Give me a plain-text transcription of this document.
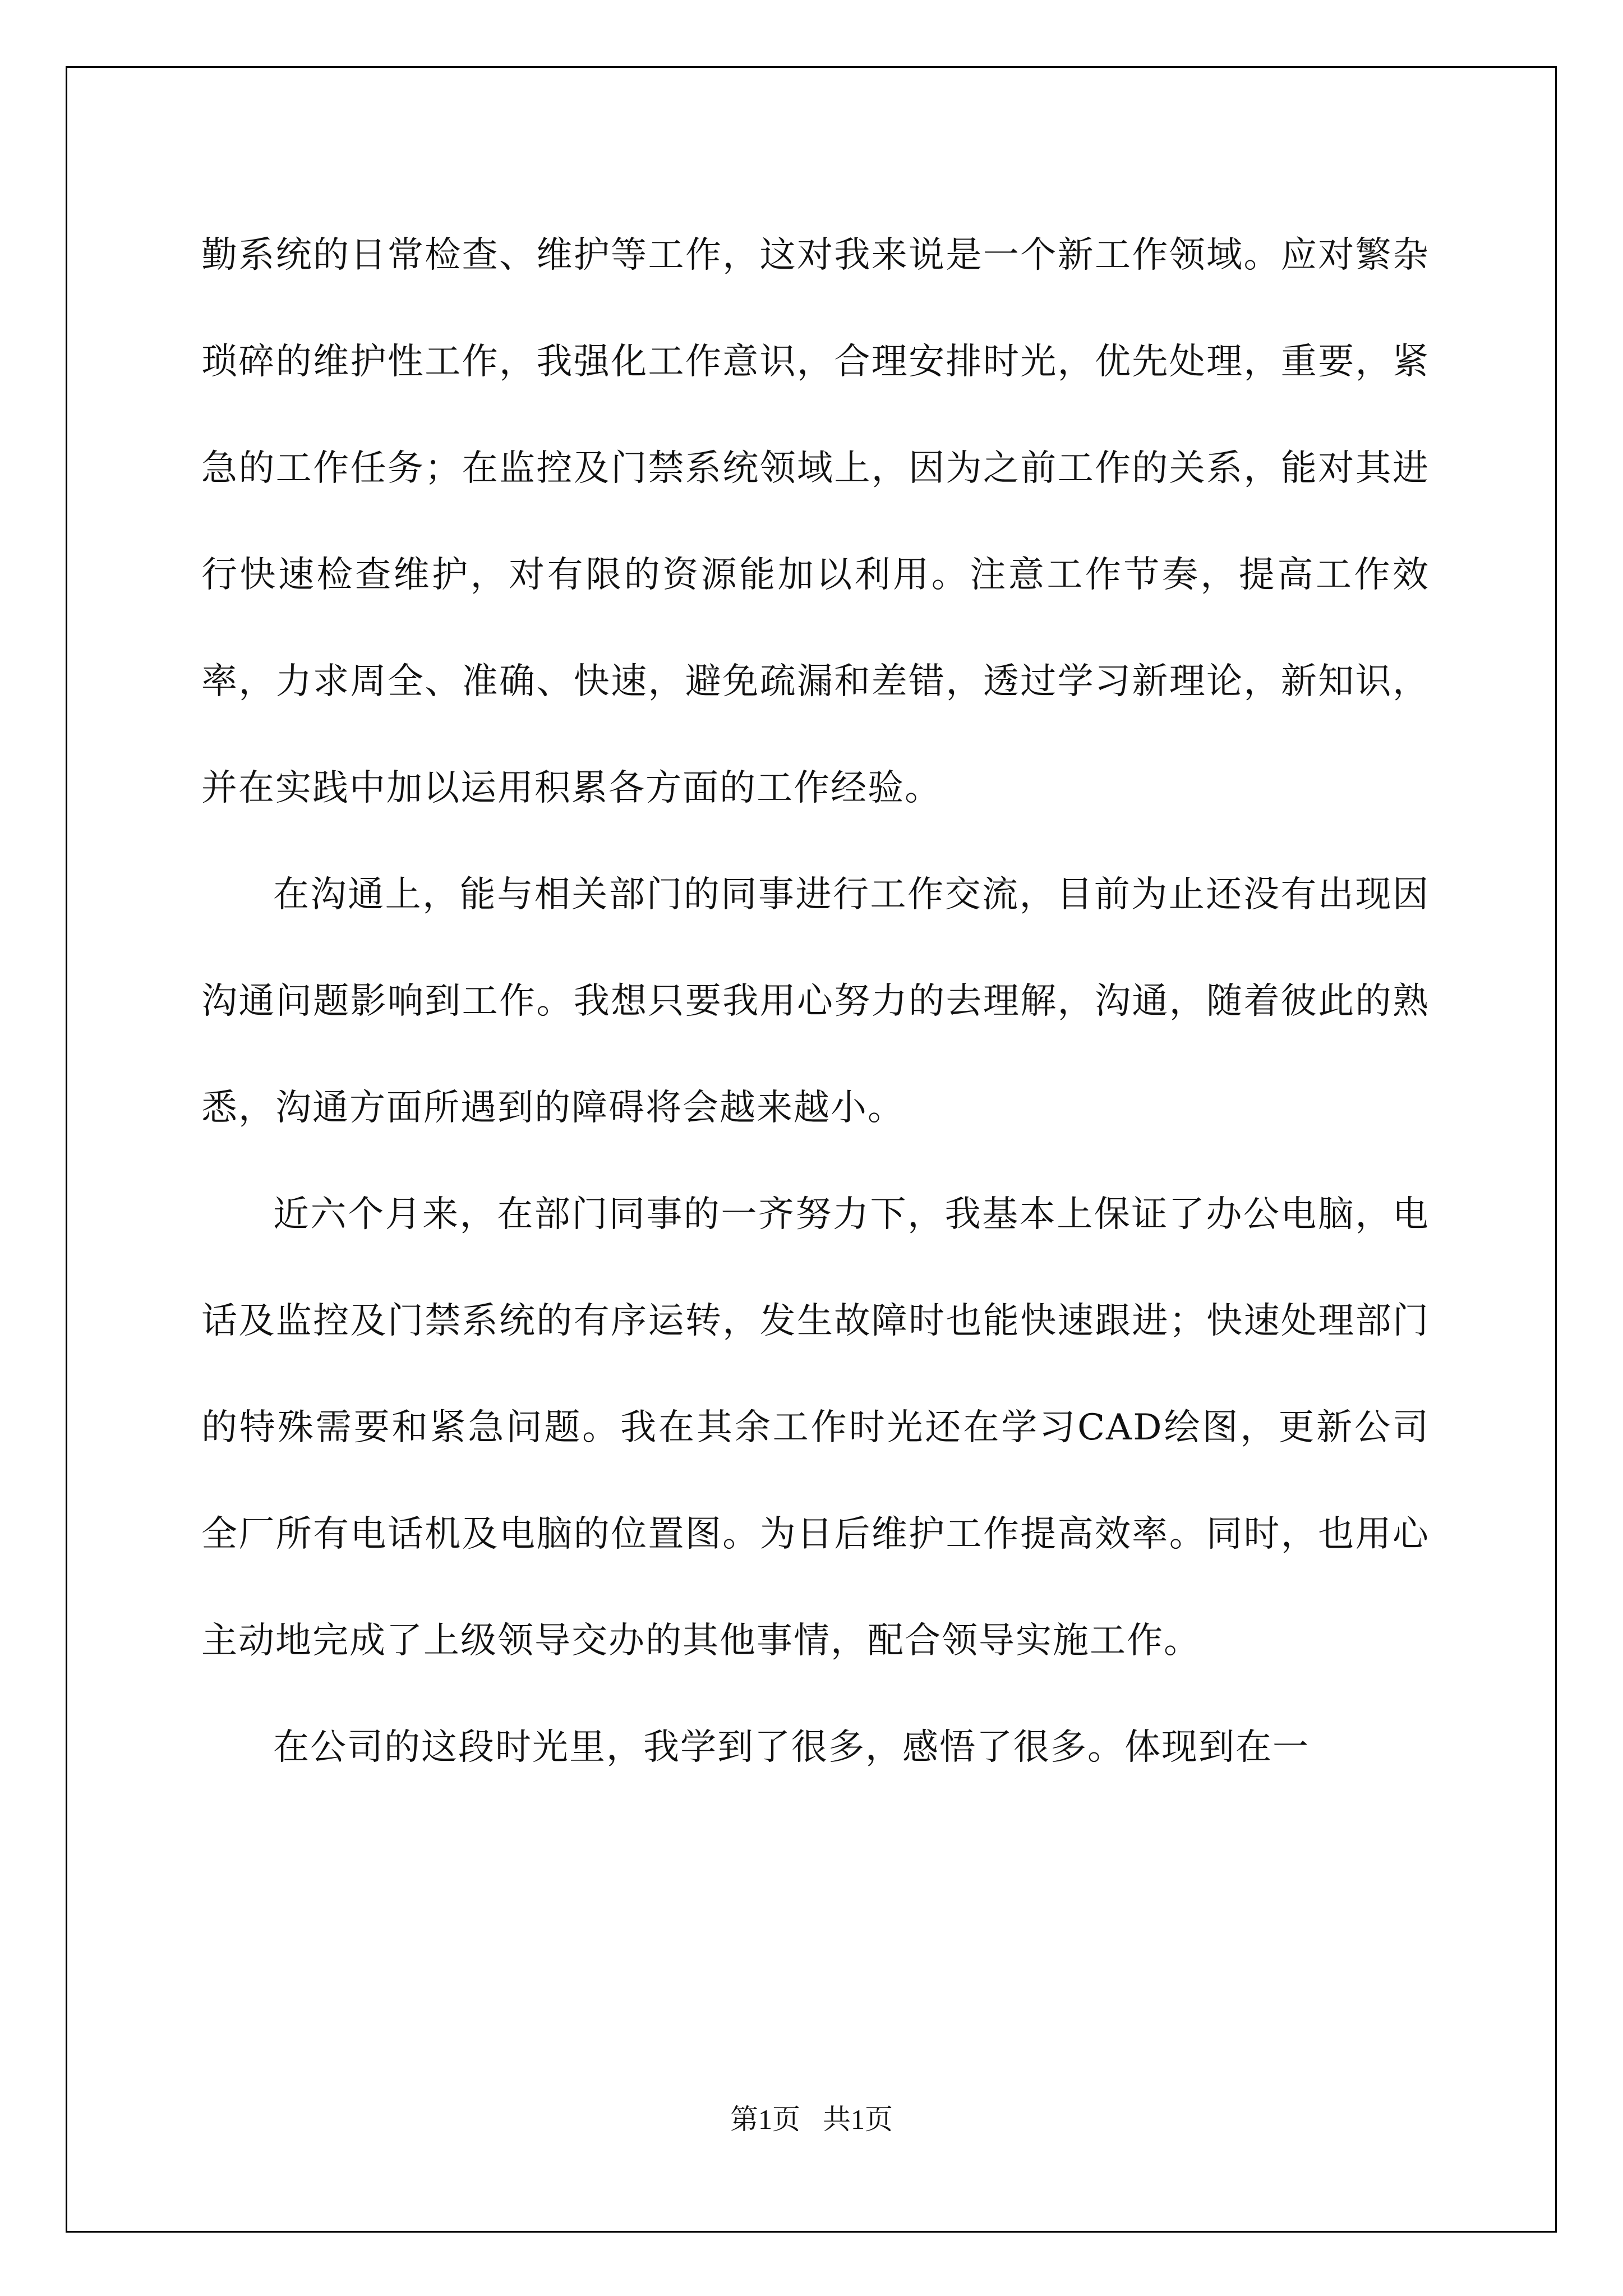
勤系统的日常检查、维护等工作，这对我来说是一个新工作领域。应对繁杂琐碎的维护性工作，我强化工作意识，合理安排时光，优先处理，重要，紧急的工作任务；在监控及门禁系统领域上，因为之前工作的关系，能对其进行快速检查维护，对有限的资源能加以利用。注意工作节奏，提高工作效率，力求周全、准确、快速，避免疏漏和差错，透过学习新理论，新知识，并在实践中加以运用积累各方面的工作经验。

在沟通上，能与相关部门的同事进行工作交流，目前为止还没有出现因沟通问题影响到工作。我想只要我用心努力的去理解，沟通，随着彼此的熟悉，沟通方面所遇到的障碍将会越来越小。

近六个月来，在部门同事的一齐努力下，我基本上保证了办公电脑，电话及监控及门禁系统的有序运转，发生故障时也能快速跟进；快速处理部门的特殊需要和紧急问题。我在其余工作时光还在学习CAD绘图，更新公司全厂所有电话机及电脑的位置图。为日后维护工作提高效率。同时，也用心主动地完成了上级领导交办的其他事情，配合领导实施工作。

在公司的这段时光里，我学到了很多，感悟了很多。体现到在一

第1页 共1页
